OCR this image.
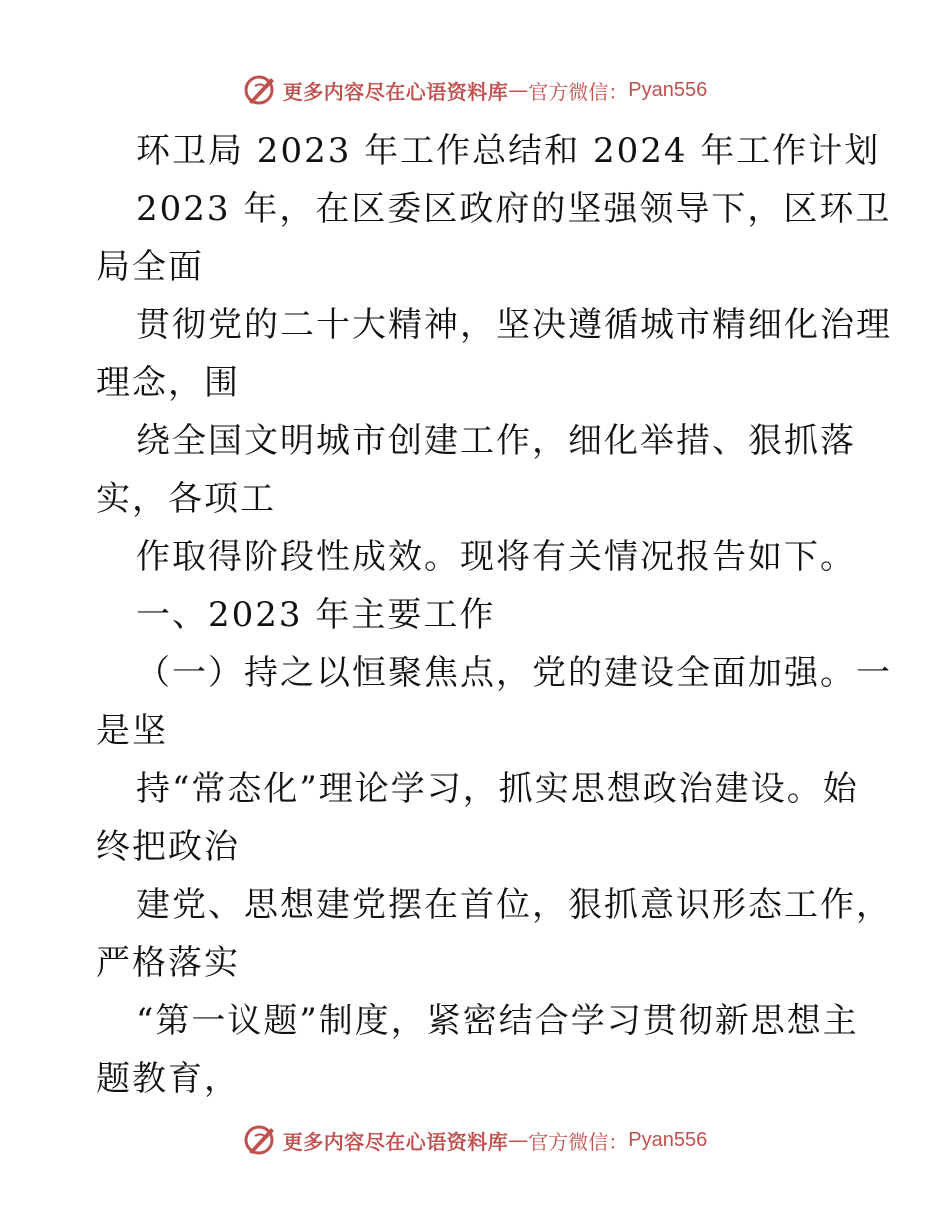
更多内容尽在心语资料库 — 官方微信： Pyan556
环卫局 2023 年工作总结和 2024 年工作计划
2023 年，在区委区政府的坚强领导下，区环卫
局全面
贯彻党的二十大精神，坚决遵循城市精细化治理
理念，围
绕全国文明城市创建工作，细化举措、狠抓落
实，各项工
作取得阶段性成效。现将有关情况报告如下。
一、2023 年主要工作
（一）持之以恒聚焦点，党的建设全面加强。一
是坚
持“常态化”理论学习，抓实思想政治建设。始
终把政治
建党、思想建党摆在首位，狠抓意识形态工作，
严格落实
“第一议题”制度，紧密结合学习贯彻新思想主
题教育，
更多内容尽在心语资料库 — 官方微信： Pyan556
